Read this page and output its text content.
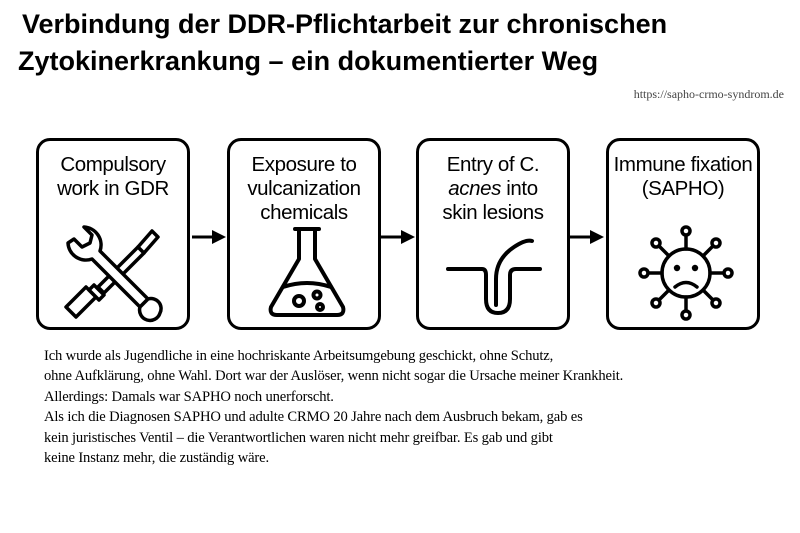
Verbindung der DDR-Pflichtarbeit zur chronischen
Zytokinerkrankung – ein dokumentierter Weg
https://sapho-crmo-syndrom.de
Compulsory
work in GDR
Exposure to
vulcanization
chemicals
Entry of C.
acnes into
skin lesions
Immune fixation
(SAPHO)
Ich wurde als Jugendliche in eine hochriskante Arbeitsumgebung geschickt, ohne Schutz,
ohne Aufklärung, ohne Wahl. Dort war der Auslöser, wenn nicht sogar die Ursache meiner Krankheit.
Allerdings: Damals war SAPHO noch unerforscht.
Als ich die Diagnosen SAPHO und adulte CRMO 20 Jahre nach dem Ausbruch bekam, gab es
kein juristisches Ventil – die Verantwortlichen waren nicht mehr greifbar. Es gab und gibt
keine Instanz mehr, die zuständig wäre.
